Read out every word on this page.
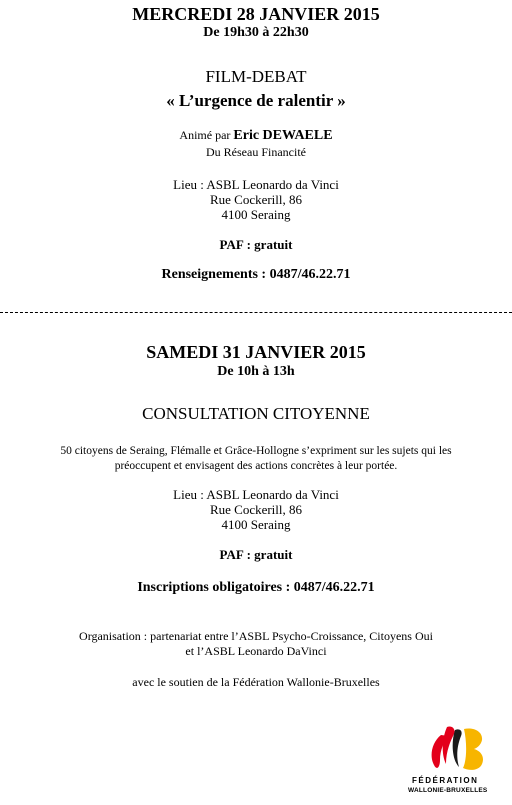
MERCREDI 28 JANVIER 2015
De 19h30 à 22h30
FILM-DEBAT
« L’urgence de ralentir »
Animé par Eric DEWAELE
Du Réseau Financité
Lieu : ASBL Leonardo da Vinci
Rue Cockerill, 86
4100 Seraing
PAF : gratuit
Renseignements : 0487/46.22.71
SAMEDI 31 JANVIER 2015
De 10h à 13h
CONSULTATION CITOYENNE
50 citoyens de Seraing, Flémalle et Grâce-Hollogne s’expriment sur les sujets qui les
préoccupent et envisagent des actions concrètes à leur portée.
Lieu : ASBL Leonardo da Vinci
Rue Cockerill, 86
4100 Seraing
PAF : gratuit
Inscriptions obligatoires : 0487/46.22.71
Organisation : partenariat entre l’ASBL Psycho-Croissance, Citoyens Oui
et l’ASBL Leonardo DaVinci
avec le soutien de la Fédération Wallonie-Bruxelles
FÉDÉRATION
WALLONIE-BRUXELLES
